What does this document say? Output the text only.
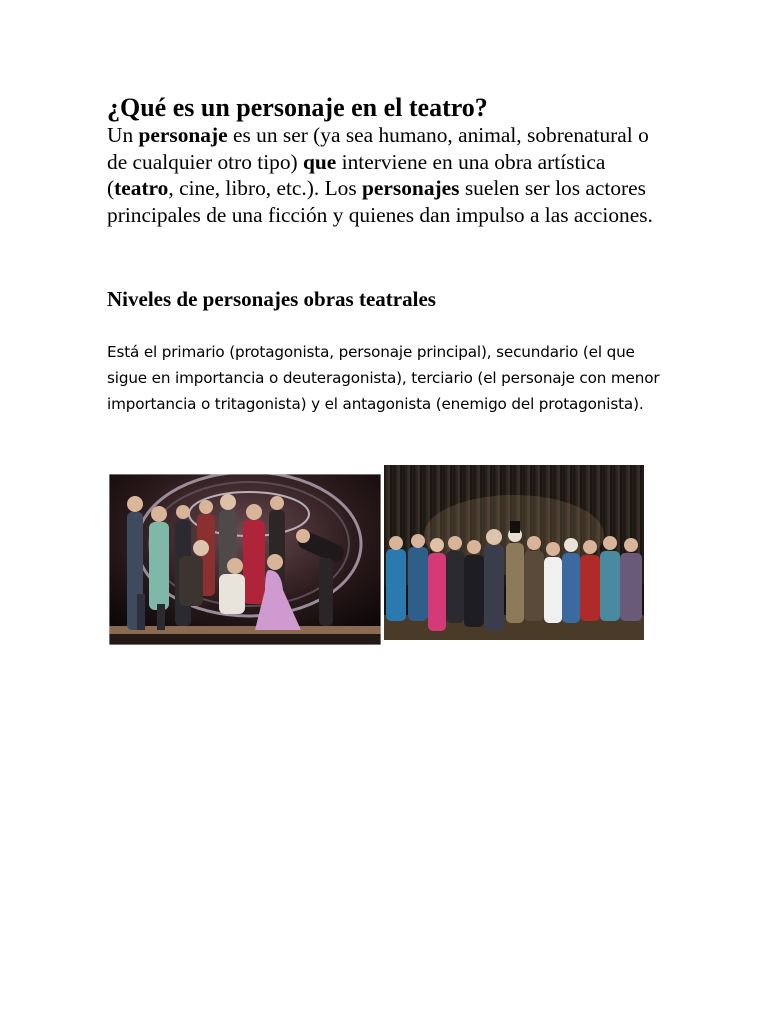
¿Qué es un personaje en el teatro?

Un personaje es un ser (ya sea humano, animal, sobrenatural o de cualquier otro tipo) que interviene en una obra artística (teatro, cine, libro, etc.). Los personajes suelen ser los actores principales de una ficción y quienes dan impulso a las acciones.

Niveles de personajes obras teatrales

Está el primario (protagonista, personaje principal), secundario (el que sigue en importancia o deuteragonista), terciario (el personaje con menor importancia o tritagonista) y el antagonista (enemigo del protagonista).
